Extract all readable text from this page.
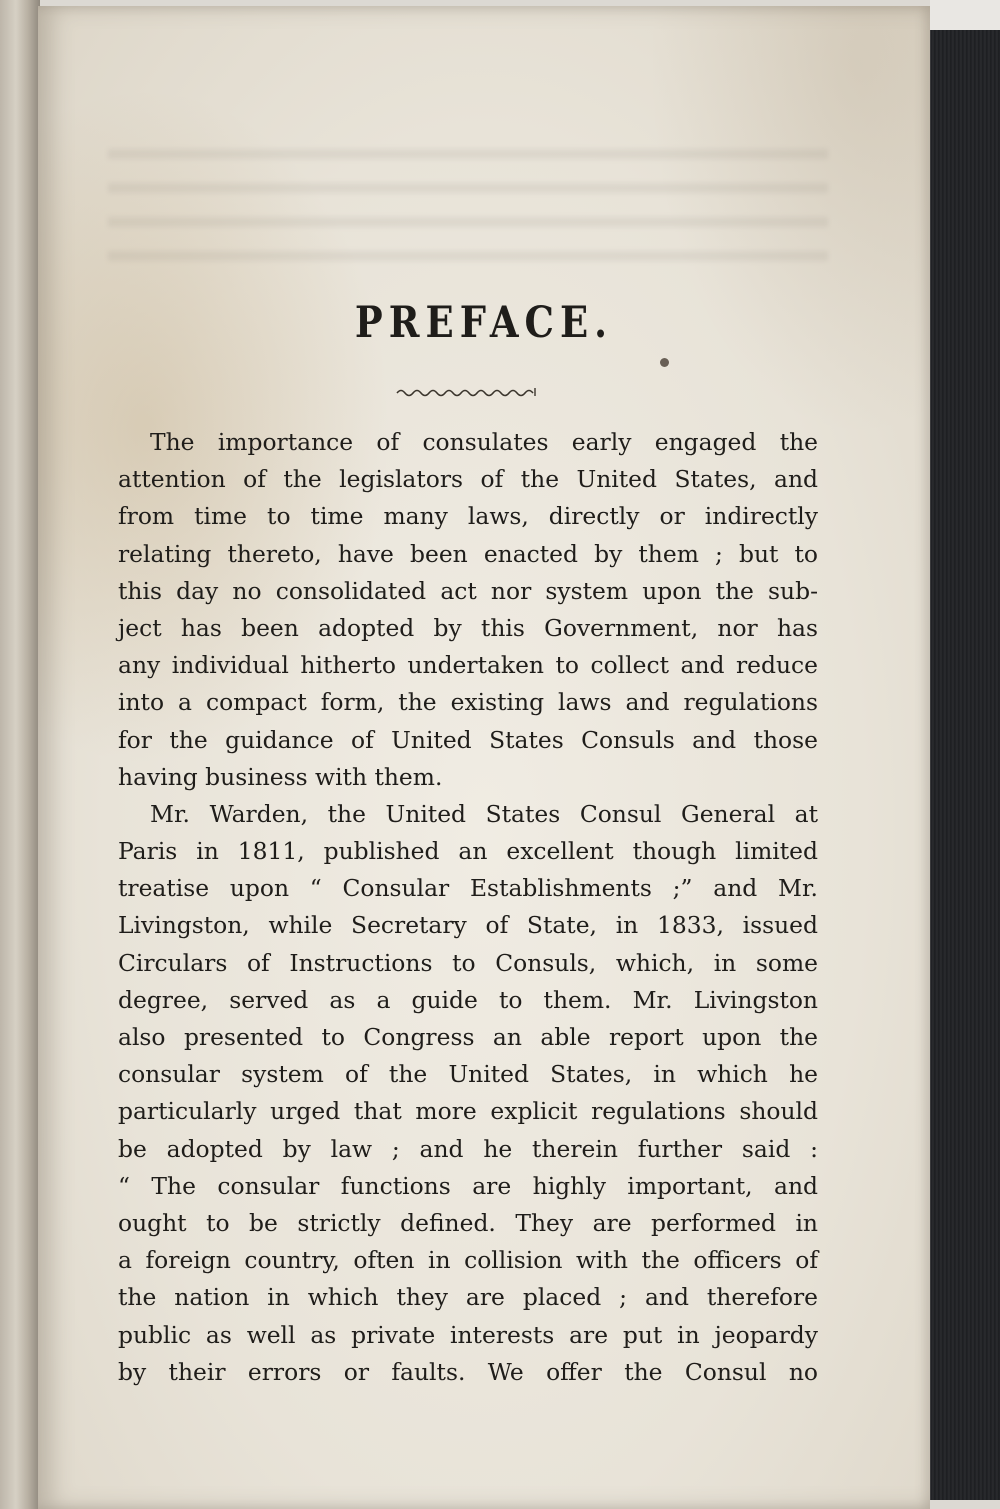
PREFACE.
The importance of consulates early engaged the
attention of the legislators of the United States, and
from time to time many laws, directly or indirectly
relating thereto, have been enacted by them ; but to
this day no consolidated act nor system upon the sub-
ject has been adopted by this Government, nor has
any individual hitherto undertaken to collect and reduce
into a compact form, the existing laws and regulations
for the guidance of United States Consuls and those
having business with them.
Mr. Warden, the United States Consul General at
Paris in 1811, published an excellent though limited
treatise upon “ Consular Establishments ;” and Mr.
Livingston, while Secretary of State, in 1833, issued
Circulars of Instructions to Consuls, which, in some
degree, served as a guide to them. Mr. Livingston
also presented to Congress an able report upon the
consular system of the United States, in which he
particularly urged that more explicit regulations should
be adopted by law ; and he therein further said :
“ The consular functions are highly important, and
ought to be strictly defined. They are performed in
a foreign country, often in collision with the officers of
the nation in which they are placed ; and therefore
public as well as private interests are put in jeopardy
by their errors or faults. We offer the Consul no
